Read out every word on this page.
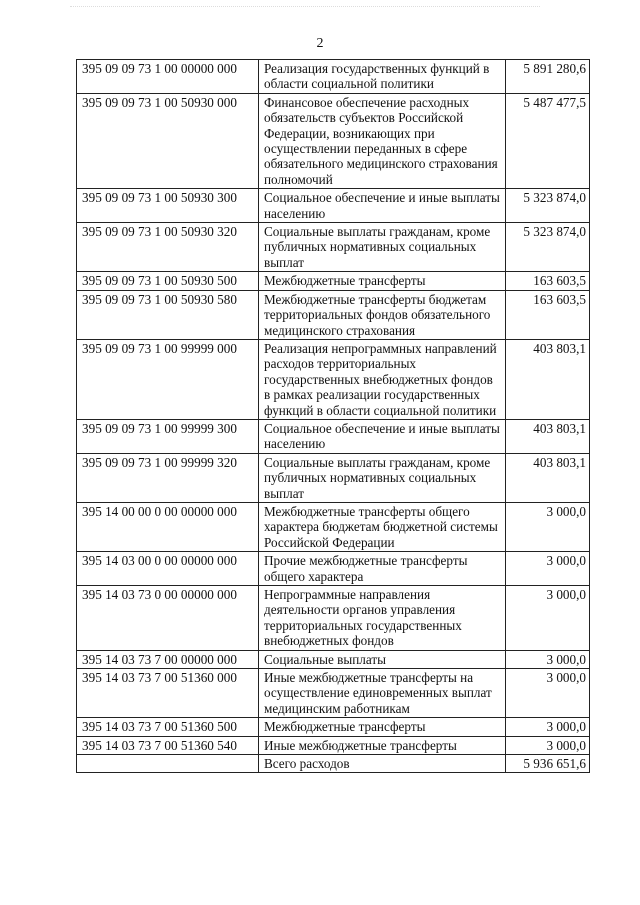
2
395 09 09 73 1 00 00000 000	Реализация государственных функций в области социальной политики	5 891 280,6
395 09 09 73 1 00 50930 000	Финансовое обеспечение расходных обязательств субъектов Российской Федерации, возникающих при осуществлении переданных в сфере обязательного медицинского страхования полномочий	5 487 477,5
395 09 09 73 1 00 50930 300	Социальное обеспечение и иные выплаты населению	5 323 874,0
395 09 09 73 1 00 50930 320	Социальные выплаты гражданам, кроме публичных нормативных социальных выплат	5 323 874,0
395 09 09 73 1 00 50930 500	Межбюджетные трансферты	163 603,5
395 09 09 73 1 00 50930 580	Межбюджетные трансферты бюджетам территориальных фондов обязательного медицинского страхования	163 603,5
395 09 09 73 1 00 99999 000	Реализация непрограммных направлений расходов территориальных государственных внебюджетных фондов в рамках реализации государственных функций в области социальной политики	403 803,1
395 09 09 73 1 00 99999 300	Социальное обеспечение и иные выплаты населению	403 803,1
395 09 09 73 1 00 99999 320	Социальные выплаты гражданам, кроме публичных нормативных социальных выплат	403 803,1
395 14 00 00 0 00 00000 000	Межбюджетные трансферты общего характера бюджетам бюджетной системы Российской Федерации	3 000,0
395 14 03 00 0 00 00000 000	Прочие межбюджетные трансферты общего характера	3 000,0
395 14 03 73 0 00 00000 000	Непрограммные направления деятельности органов управления территориальных государственных внебюджетных фондов	3 000,0
395 14 03 73 7 00 00000 000	Социальные выплаты	3 000,0
395 14 03 73 7 00 51360 000	Иные межбюджетные трансферты на осуществление единовременных выплат медицинским работникам	3 000,0
395 14 03 73 7 00 51360 500	Межбюджетные трансферты	3 000,0
395 14 03 73 7 00 51360 540	Иные межбюджетные трансферты	3 000,0
	Всего расходов	5 936 651,6
